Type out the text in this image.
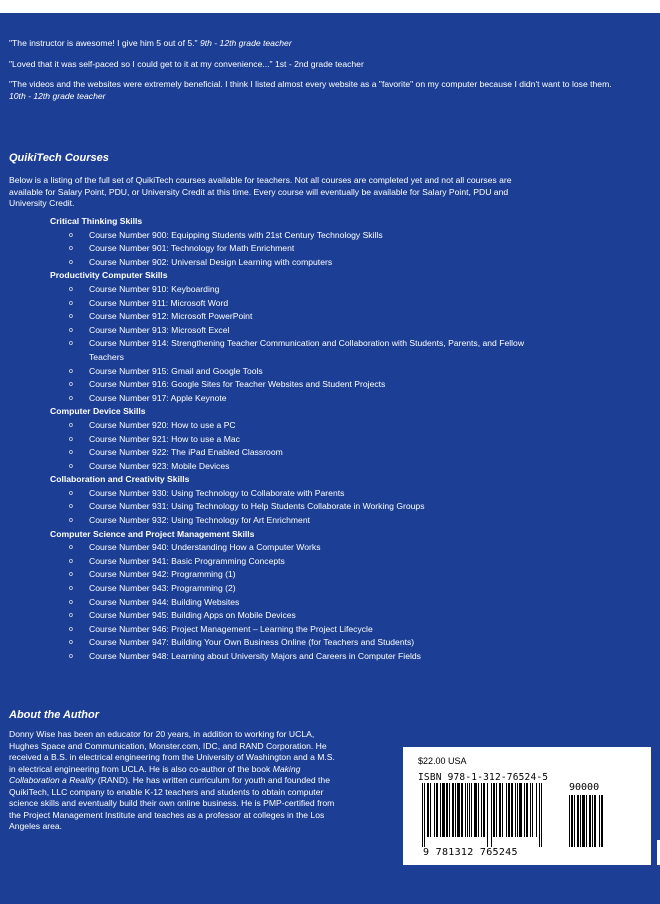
"The instructor is awesome! I give him 5 out of 5." 9th - 12th grade teacher
"Loved that it was self-paced so I could get to it at my convenience..." 1st - 2nd grade teacher
"The videos and the websites were extremely beneficial. I think I listed almost every website as a "favorite" on my computer because I didn't want to lose them. 10th - 12th grade teacher
QuikiTech Courses
Below is a listing of the full set of QuikiTech courses available for teachers. Not all courses are completed yet and not all courses are available for Salary Point, PDU, or University Credit at this time. Every course will eventually be available for Salary Point, PDU and University Credit.
Critical Thinking Skills
o Course Number 900: Equipping Students with 21st Century Technology Skills
o Course Number 901: Technology for Math Enrichment
o Course Number 902: Universal Design Learning with computers
Productivity Computer Skills
o Course Number 910: Keyboarding
o Course Number 911: Microsoft Word
o Course Number 912: Microsoft PowerPoint
o Course Number 913: Microsoft Excel
o Course Number 914: Strengthening Teacher Communication and Collaboration with Students, Parents, and Fellow Teachers
o Course Number 915: Gmail and Google Tools
o Course Number 916: Google Sites for Teacher Websites and Student Projects
o Course Number 917: Apple Keynote
Computer Device Skills
o Course Number 920: How to use a PC
o Course Number 921: How to use a Mac
o Course Number 922: The iPad Enabled Classroom
o Course Number 923: Mobile Devices
Collaboration and Creativity Skills
o Course Number 930: Using Technology to Collaborate with Parents
o Course Number 931: Using Technology to Help Students Collaborate in Working Groups
o Course Number 932: Using Technology for Art Enrichment
Computer Science and Project Management Skills
o Course Number 940: Understanding How a Computer Works
o Course Number 941: Basic Programming Concepts
o Course Number 942: Programming (1)
o Course Number 943: Programming (2)
o Course Number 944: Building Websites
o Course Number 945: Building Apps on Mobile Devices
o Course Number 946: Project Management – Learning the Project Lifecycle
o Course Number 947: Building Your Own Business Online (for Teachers and Students)
o Course Number 948: Learning about University Majors and Careers in Computer Fields
About the Author
Donny Wise has been an educator for 20 years, in addition to working for UCLA, Hughes Space and Communication, Monster.com, IDC, and RAND Corporation. He received a B.S. in electrical engineering from the University of Washington and a M.S. in electrical engineering from UCLA. He is also co-author of the book Making Collaboration a Reality (RAND). He has written curriculum for youth and founded the QuikiTech, LLC company to enable K-12 teachers and students to obtain computer science skills and eventually build their own online business. He is PMP-certified from the Project Management Institute and teaches as a professor at colleges in the Los Angeles area.
$22.00 USA
ISBN 978-1-312-76524-5
90000
9 781312 765245
